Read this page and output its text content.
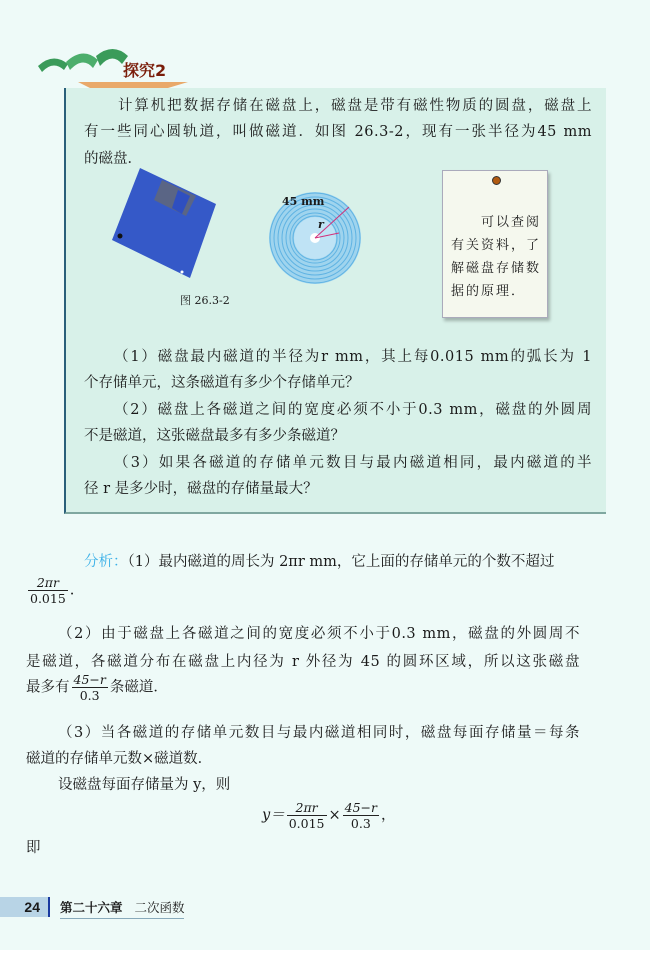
探究2
计算机把数据存储在磁盘上，磁盘是带有磁性物质的圆盘，磁盘上
有一些同心圆轨道，叫做磁道．如图 26.3-2，现有一张半径为45 mm
的磁盘．
45 mm
r
图 26.3-2
可以查阅
有关资料，了
解磁盘存储数
据的原理．
（1）磁盘最内磁道的半径为r mm，其上每0.015 mm的弧长为 1
个存储单元，这条磁道有多少个存储单元？
（2）磁盘上各磁道之间的宽度必须不小于0.3 mm，磁盘的外圆周
不是磁道，这张磁盘最多有多少条磁道？
（3）如果各磁道的存储单元数目与最内磁道相同，最内磁道的半
径 r 是多少时，磁盘的存储量最大？
分析：（1）最内磁道的周长为 2πr mm，它上面的存储单元的个数不超过
$\frac{2\pi r}{0.015}$ .
（2）由于磁盘上各磁道之间的宽度必须不小于0.3 mm，磁盘的外圆周不
是磁道，各磁道分布在磁盘上内径为 r 外径为 45 的圆环区域，所以这张磁盘
最多有 $\frac{45-r}{0.3}$ 条磁道．
（3）当各磁道的存储单元数目与最内磁道相同时，磁盘每面存储量＝每条
磁道的存储单元数×磁道数．
设磁盘每面存储量为 y，则
$y= \frac{2\pi r}{0.015} \times \frac{45-r}{0.3}$ ，
即
24	第二十六章 二次函数
